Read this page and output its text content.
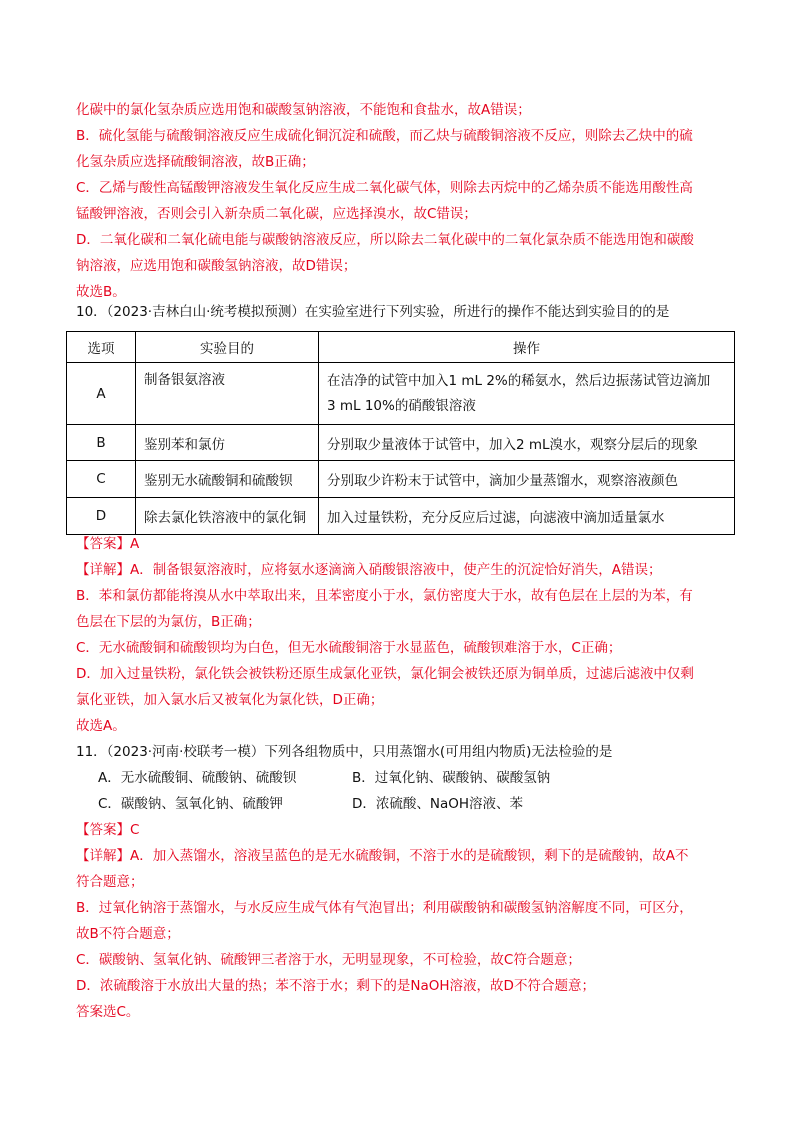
化碳中的氯化氢杂质应选用饱和碳酸氢钠溶液，不能饱和食盐水，故A错误；
B．硫化氢能与硫酸铜溶液反应生成硫化铜沉淀和硫酸，而乙炔与硫酸铜溶液不反应，则除去乙炔中的硫
化氢杂质应选择硫酸铜溶液，故B正确；
C．乙烯与酸性高锰酸钾溶液发生氧化反应生成二氧化碳气体，则除去丙烷中的乙烯杂质不能选用酸性高
锰酸钾溶液，否则会引入新杂质二氧化碳，应选择溴水，故C错误；
D．二氧化碳和二氧化硫电能与碳酸钠溶液反应，所以除去二氧化碳中的二氧化氯杂质不能选用饱和碳酸
钠溶液，应选用饱和碳酸氢钠溶液，故D错误；
故选B。
10．（2023·吉林白山·统考模拟预测）在实验室进行下列实验，所进行的操作不能达到实验目的的是
选项	实验目的	操作
A	制备银氨溶液	在洁净的试管中加入1 mL 2%的稀氨水，然后边振荡试管边滴加
3 mL 10%的硝酸银溶液

B	鉴别苯和氯仿	分别取少量液体于试管中，加入2 mL溴水，观察分层后的现象
C	鉴别无水硫酸铜和硫酸钡	分别取少许粉末于试管中，滴加少量蒸馏水，观察溶液颜色
D	除去氯化铁溶液中的氯化铜	加入过量铁粉，充分反应后过滤，向滤液中滴加适量氯水
【答案】A
【详解】A．制备银氨溶液时，应将氨水逐滴滴入硝酸银溶液中，使产生的沉淀恰好消失，A错误；
B．苯和氯仿都能将溴从水中萃取出来，且苯密度小于水，氯仿密度大于水，故有色层在上层的为苯，有
色层在下层的为氯仿，B正确；
C．无水硫酸铜和硫酸钡均为白色，但无水硫酸铜溶于水显蓝色，硫酸钡难溶于水，C正确；
D．加入过量铁粉，氯化铁会被铁粉还原生成氯化亚铁，氯化铜会被铁还原为铜单质，过滤后滤液中仅剩
氯化亚铁，加入氯水后又被氧化为氯化铁，D正确；
故选A。
11．（2023·河南·校联考一模）下列各组物质中，只用蒸馏水(可用组内物质)无法检验的是
A．无水硫酸铜、硫酸钠、硫酸钡	B．过氧化钠、碳酸钠、碳酸氢钠
C．碳酸钠、氢氧化钠、硫酸钾	D．浓硫酸、NaOH溶液、苯
【答案】C
【详解】A．加入蒸馏水，溶液呈蓝色的是无水硫酸铜，不溶于水的是硫酸钡，剩下的是硫酸钠，故A不
符合题意；
B．过氧化钠溶于蒸馏水，与水反应生成气体有气泡冒出；利用碳酸钠和碳酸氢钠溶解度不同，可区分，
故B不符合题意；
C．碳酸钠、氢氧化钠、硫酸钾三者溶于水，无明显现象，不可检验，故C符合题意；
D．浓硫酸溶于水放出大量的热；苯不溶于水；剩下的是NaOH溶液，故D不符合题意；
答案选C。
